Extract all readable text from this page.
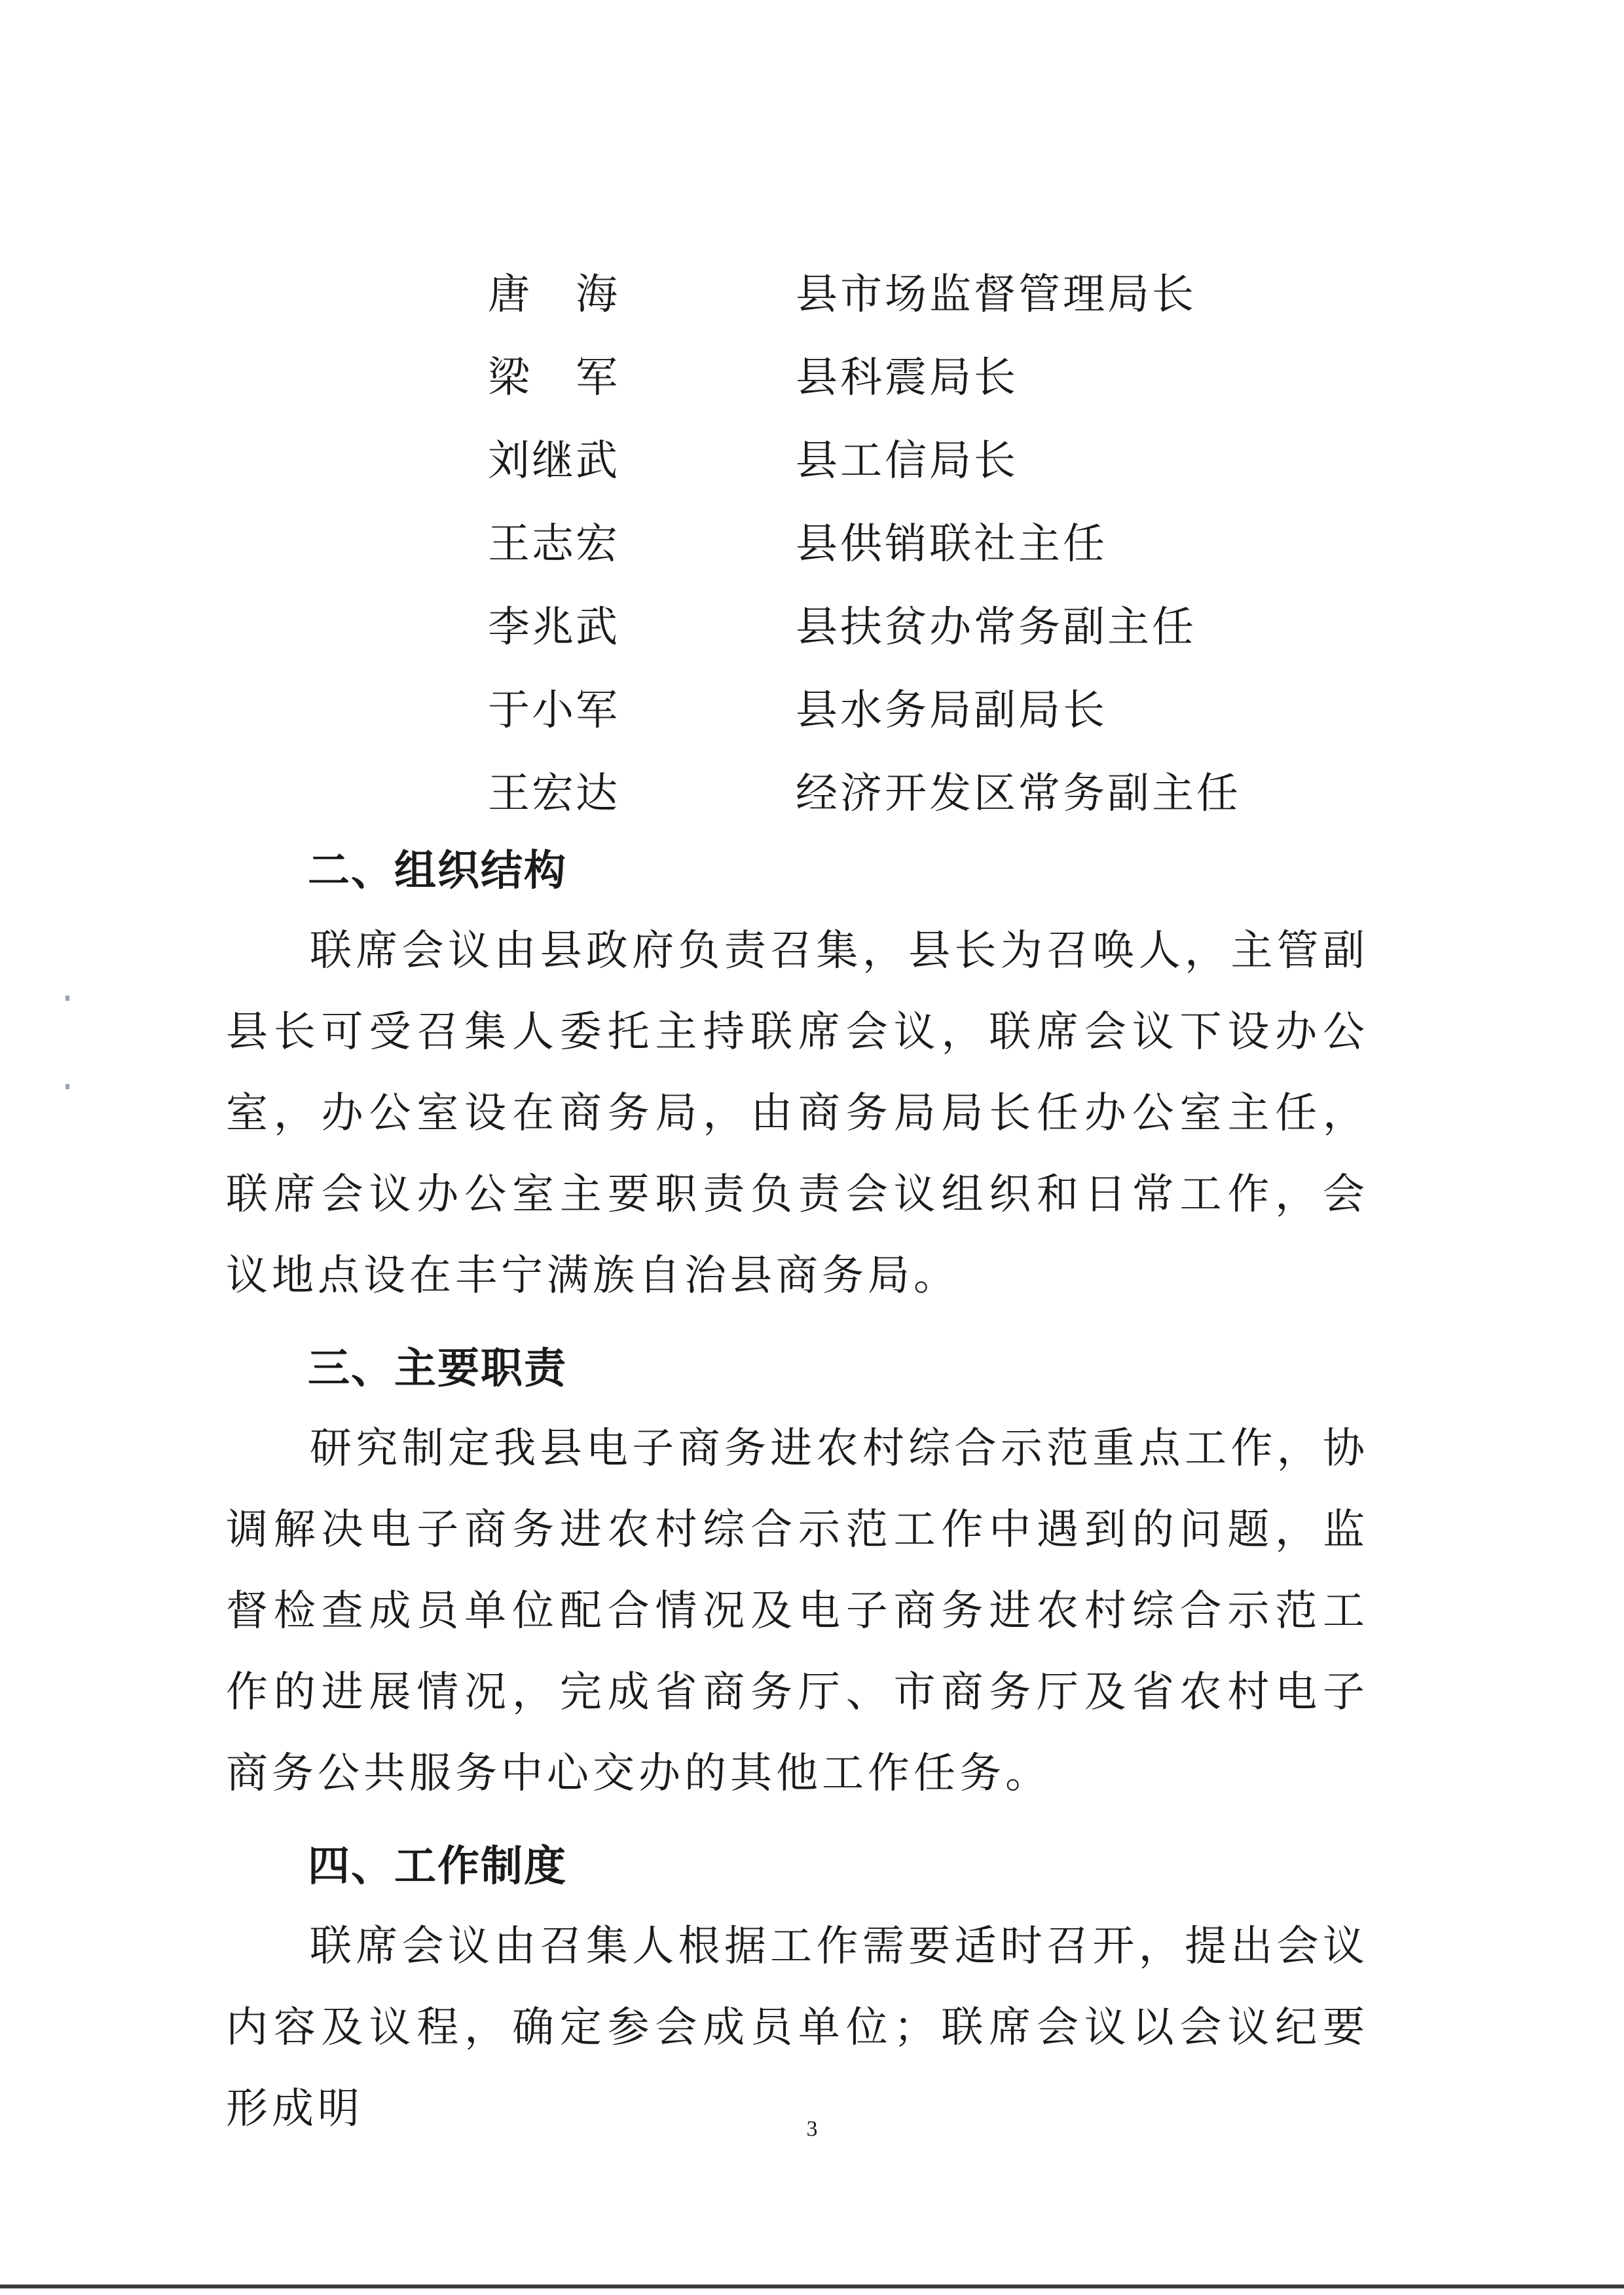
唐 海	县市场监督管理局长
梁 军	县科震局长
刘继武	县工信局长
王志宏	县供销联社主任
李兆武	县扶贫办常务副主任
于小军	县水务局副局长
王宏达	经济开发区常务副主任
二、组织结构

联席会议由县政府负责召集，县长为召唤人，主管副县长可受召集人委托主持联席会议，联席会议下设办公室，办公室设在商务局，由商务局局长任办公室主任，联席会议办公室主要职责负责会议组织和日常工作，会议地点设在丰宁满族自治县商务局。

三、主要职责

研究制定我县电子商务进农村综合示范重点工作，协调解决电子商务进农村综合示范工作中遇到的问题，监督检查成员单位配合情况及电子商务进农村综合示范工作的进展情况，完成省商务厅、市商务厅及省农村电子商务公共服务中心交办的其他工作任务。

四、工作制度

联席会议由召集人根据工作需要适时召开，提出会议内容及议程，确定参会成员单位；联席会议以会议纪要形成明	3
